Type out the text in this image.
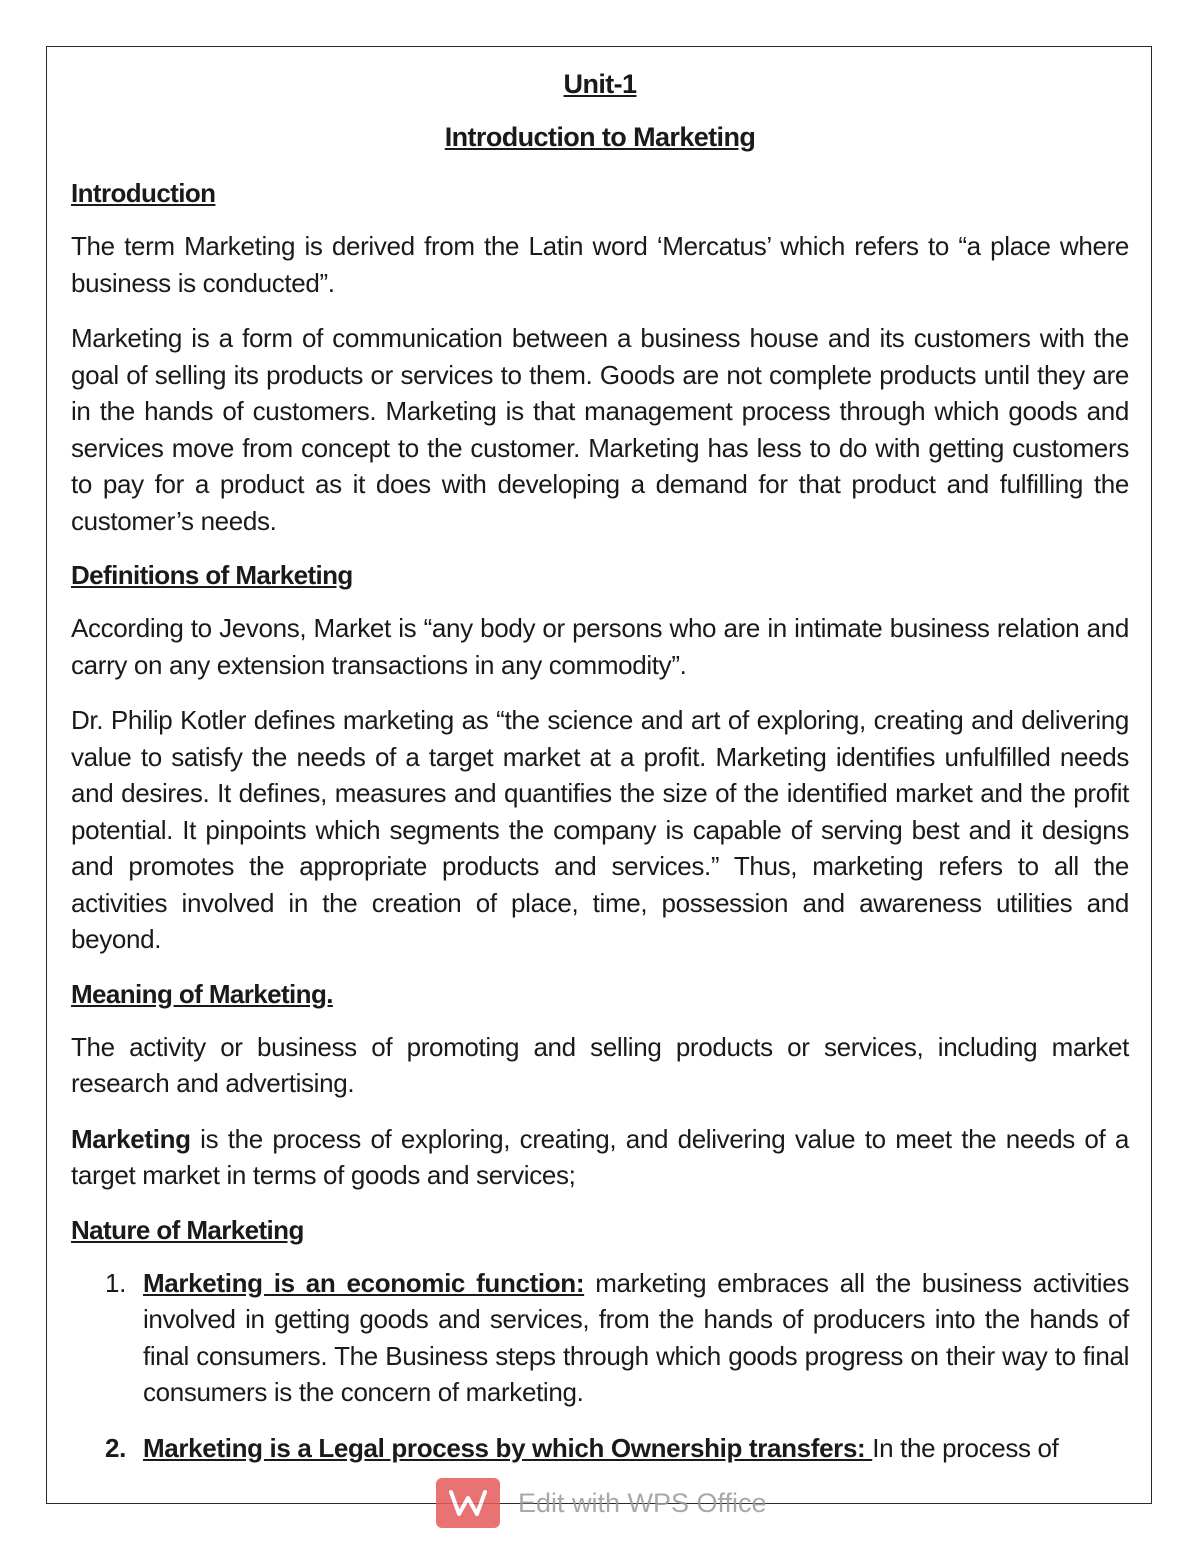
Unit-1
Introduction to Marketing
Introduction

The term Marketing is derived from the Latin word ‘Mercatus’ which refers to “a place where business is conducted”.

Marketing is a form of communication between a business house and its customers with the goal of selling its products or services to them. Goods are not complete products until they are in the hands of customers. Marketing is that management process through which goods and services move from concept to the customer. Marketing has less to do with getting customers to pay for a product as it does with developing a demand for that product and fulfilling the customer’s needs.

Definitions of Marketing

According to Jevons, Market is “any body or persons who are in intimate business relation and carry on any extension transactions in any commodity”.

Dr. Philip Kotler defines marketing as “the science and art of exploring, creating and delivering value to satisfy the needs of a target market at a profit. Marketing identifies unfulfilled needs and desires. It defines, measures and quantifies the size of the identified market and the profit potential. It pinpoints which segments the company is capable of serving best and it designs and promotes the appropriate products and services.” Thus, marketing refers to all the activities involved in the creation of place, time, possession and awareness utilities and beyond.

Meaning of Marketing.

The activity or business of promoting and selling products or services, including market research and advertising.

Marketing is the process of exploring, creating, and delivering value to meet the needs of a target market in terms of goods and services;

Nature of Marketing
1. Marketing is an economic function: marketing embraces all the business activities involved in getting goods and services, from the hands of producers into the hands of final consumers. The Business steps through which goods progress on their way to final consumers is the concern of marketing.
2. Marketing is a Legal process by which Ownership transfers: In the process of
Edit with WPS Office
